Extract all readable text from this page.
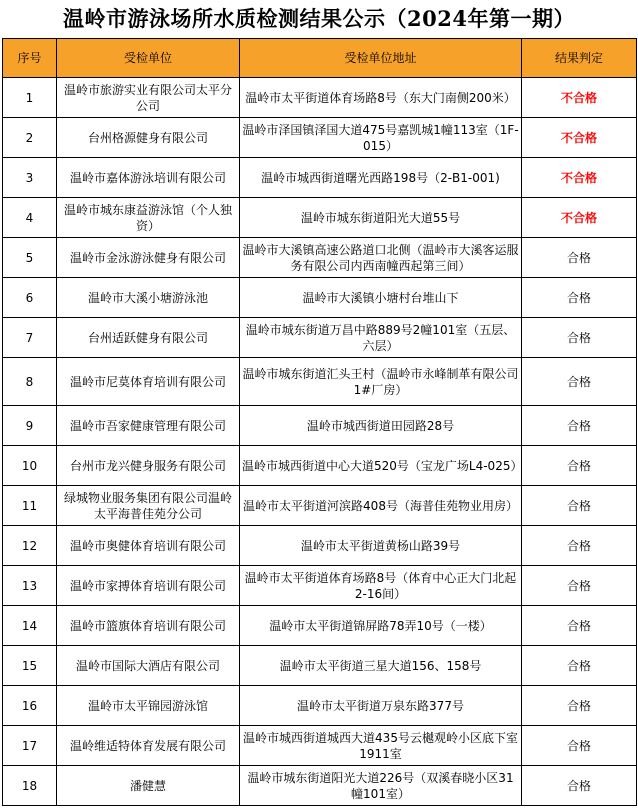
温岭市游泳场所水质检测结果公示（2024年第一期）
序号	受检单位	受检单位地址	结果判定
1	温岭市旅游实业有限公司太平分公司	温岭市太平街道体育场路8号（东大门南侧200米）	不合格
2	台州格源健身有限公司	温岭市泽国镇泽国大道475号嘉凯城1幢113室（1F-015）	不合格
3	温岭市嘉体游泳培训有限公司	温岭市城西街道曙光西路198号（2-B1-001)	不合格
4	温岭市城东康益游泳馆（个人独资）	温岭市城东街道阳光大道55号	不合格
5	温岭市金泳游泳健身有限公司	温岭市大溪镇高速公路道口北侧（温岭市大溪客运服务有限公司内西南幢西起第三间）	合格
6	温岭市大溪小塘游泳池	温岭市大溪镇小塘村台堆山下	合格
7	台州适跃健身有限公司	温岭市城东街道万昌中路889号2幢101室（五层、六层）	合格
8	温岭市尼莫体育培训有限公司	温岭市城东街道汇头王村（温岭市永峰制革有限公司1#厂房）	合格
9	温岭市吾家健康管理有限公司	温岭市城西街道田园路28号	合格
10	台州市龙兴健身服务有限公司	温岭市城西街道中心大道520号（宝龙广场L4-025）	合格
11	绿城物业服务集团有限公司温岭太平海普佳苑分公司	温岭市太平街道河滨路408号（海普佳苑物业用房）	合格
12	温岭市奥健体育培训有限公司	温岭市太平街道黄杨山路39号	合格
13	温岭市家搏体育培训有限公司	温岭市太平街道体育场路8号（体育中心正大门北起2-16间）	合格
14	温岭市篮旗体育培训有限公司	温岭市太平街道锦屏路78弄10号（一楼）	合格
15	温岭市国际大酒店有限公司	温岭市太平街道三星大道156、158号	合格
16	温岭市太平锦园游泳馆	温岭市太平街道万泉东路377号	合格
17	温岭维适特体育发展有限公司	温岭市城西街道城西大道435号云樾观岭小区底下室1911室	合格
18	潘健慧	温岭市城东街道阳光大道226号（双溪春晓小区31幢101室）	合格
